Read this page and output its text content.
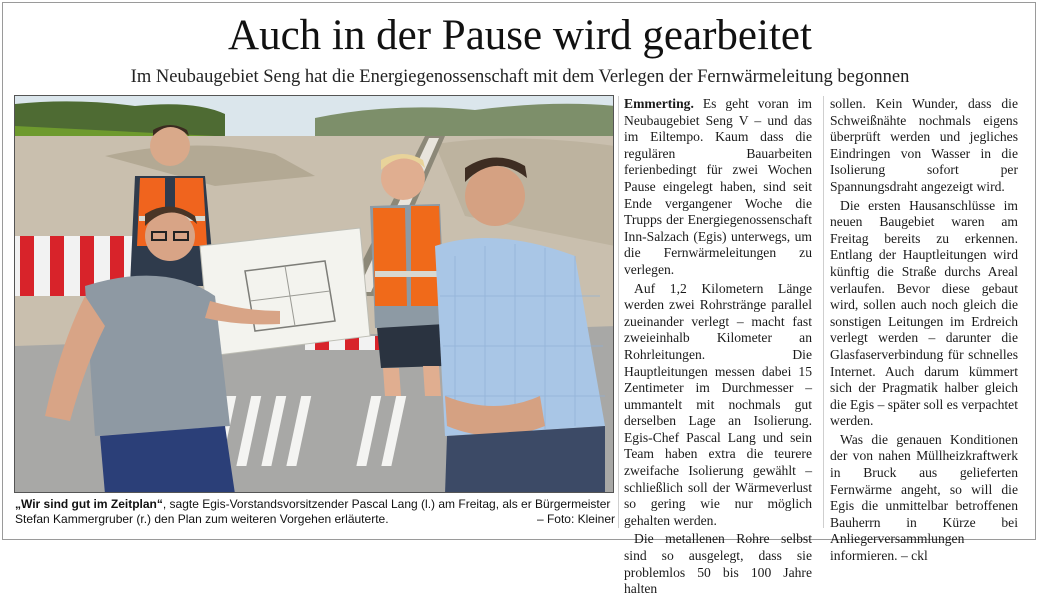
Auch in der Pause wird gearbeitet
Im Neubaugebiet Seng hat die Energiegenossenschaft mit dem Verlegen der Fernwärmeleitung begonnen
„Wir sind gut im Zeitplan“, sagte Egis-Vorstandsvorsitzender Pascal Lang (l.) am Freitag, als er Bürgermeister Stefan Kammergruber (r.) den Plan zum weiteren Vorgehen erläuterte.	– Foto: Kleiner

Emmerting. Es geht voran im Neubaugebiet Seng V – und das im Eiltempo. Kaum dass die regulären Bauarbeiten ferienbedingt für zwei Wochen Pause eingelegt haben, sind seit Ende vergangener Woche die Trupps der Energiegenossenschaft Inn-Salzach (Egis) unterwegs, um die Fernwärmeleitungen zu verlegen.

Auf 1,2 Kilometern Länge werden zwei Rohrstränge parallel zueinander verlegt – macht fast zweieinhalb Kilometer an Rohrleitungen. Die Hauptleitungen messen dabei 15 Zentimeter im Durchmesser – ummantelt mit nochmals gut derselben Lage an Isolierung. Egis-Chef Pascal Lang und sein Team haben extra die teurere zweifache Isolierung gewählt – schließlich soll der Wärmeverlust so gering wie nur möglich gehalten werden.

Die metallenen Rohre selbst sind so ausgelegt, dass sie problemlos 50 bis 100 Jahre halten

sollen. Kein Wunder, dass die Schweißnähte nochmals eigens überprüft werden und jegliches Eindringen von Wasser in die Isolierung sofort per Spannungsdraht angezeigt wird.

Die ersten Hausanschlüsse im neuen Baugebiet waren am Freitag bereits zu erkennen. Entlang der Hauptleitungen wird künftig die Straße durchs Areal verlaufen. Bevor diese gebaut wird, sollen auch noch gleich die sonstigen Leitungen im Erdreich verlegt werden – darunter die Glasfaserverbindung für schnelles Internet. Auch darum kümmert sich der Pragmatik halber gleich die Egis – später soll es verpachtet werden.

Was die genauen Konditionen der von nahen Müllheizkraftwerk in Bruck aus gelieferten Fernwärme angeht, so will die Egis die unmittelbar betroffenen Bauherrn in Kürze bei Anliegerversammlungen informieren. – ckl
